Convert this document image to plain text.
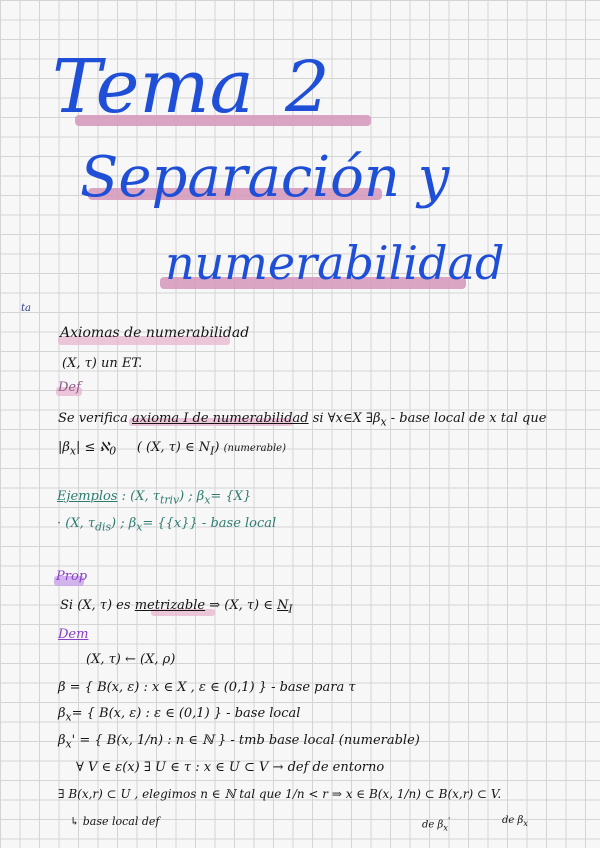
Tema 2
Separación y
numerabilidad
ta
Axiomas de numerabilidad
(X, τ) un ET.
Def
Se verifica axioma I de numerabilidad si ∀x∈X $\exists\beta_x$ - base local de x tal que
$|\beta_x|$ ≤ ℵ$_0$ ( (X, τ) ∈ $N_I$) (numerable)
Ejemplos : (X, $\tau_{triv}$) ; $\beta_x= \{X\}$
· (X, $\tau_{dis}$) ; $\beta_x= \{\{x\}\}$ - base local
Prop
Si (X, τ) es metrizable ⇒ (X, τ) ∈ $N_I$
Dem
(X, τ) ← (X, ρ)
β = { B(x, ε) : x ∈ X , ε ∈ (0,1) } - base para τ
$\beta_x=$ { B(x, ε) : ε ∈ (0,1) } - base local
$\beta_x'$ = { B(x, 1/n) : n ∈ ℕ } - tmb base local (numerable)
∀ V ∈ ε(x) ∃ U ∈ τ : x ∈ U ⊂ V → def de entorno
∃ B(x,r) ⊂ U , elegimos n ∈ ℕ tal que 1/n < r ⇒ x ∈ B(x, 1/n) ⊂ B(x,r) ⊂ V.
↳ base local def	de $\beta_x'$	de $\beta_x$
